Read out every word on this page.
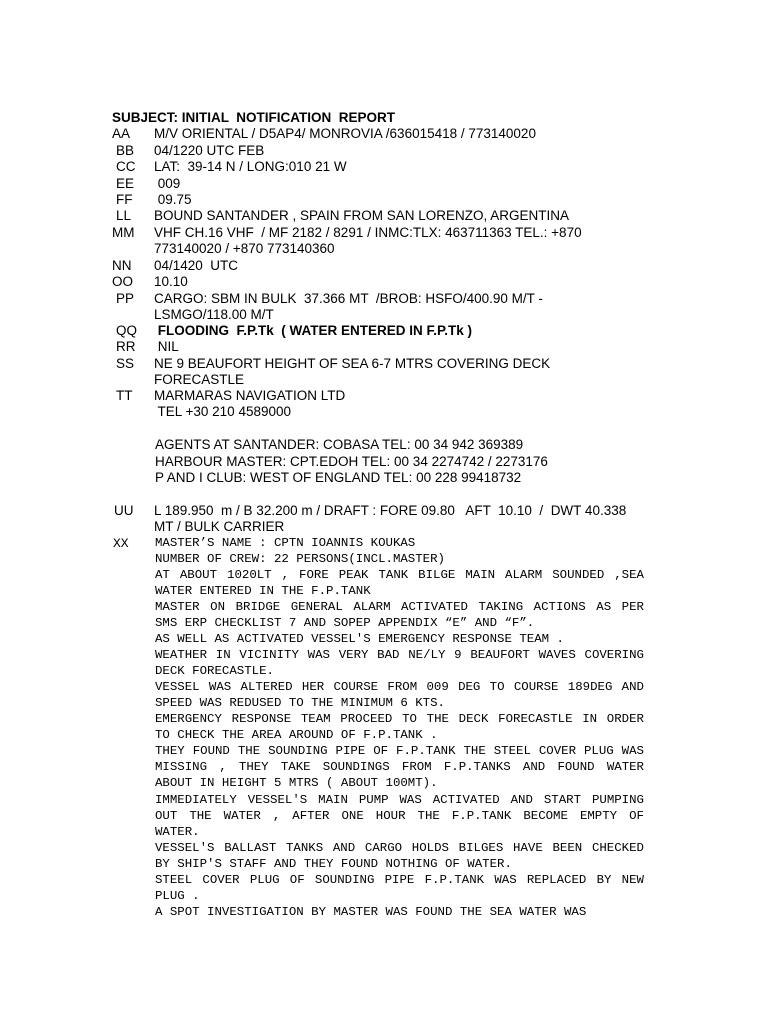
SUBJECT: INITIAL  NOTIFICATION  REPORT
AA M/V ORIENTAL / D5AP4/ MONROVIA /636015418 / 773140020
BB 04/1220 UTC FEB
CC LAT:  39-14 N / LONG:010 21 W
EE 009
FF 09.75
LL BOUND SANTANDER , SPAIN FROM SAN LORENZO, ARGENTINA
MM VHF CH.16 VHF  / MF 2182 / 8291 / INMC:TLX: 463711363 TEL.: +870
773140020 / +870 773140360
NN 04/1420  UTC
OO 10.10
PP CARGO: SBM IN BULK  37.366 MT  /BROB: HSFO/400.90 M/T -
LSMGO/118.00 M/T
QQ FLOODING  F.P.Tk  ( WATER ENTERED IN F.P.Tk )
RR NIL
SS NE 9 BEAUFORT HEIGHT OF SEA 6-7 MTRS COVERING DECK
FORECASTLE
TT MARMARAS NAVIGATION LTD
TEL +30 210 4589000
AGENTS AT SANTANDER: COBASA TEL: 00 34 942 369389
HARBOUR MASTER: CPT.EDOH TEL: 00 34 2274742 / 2273176
P AND I CLUB: WEST OF ENGLAND TEL: 00 228 99418732
UU L 189.950  m / B 32.200 m / DRAFT : FORE 09.80   AFT  10.10  /  DWT 40.338
MT / BULK CARRIER
XX MASTER’S NAME : CPTN IOANNIS KOUKAS
NUMBER OF CREW: 22 PERSONS(INCL.MASTER)
AT ABOUT 1020LT , FORE PEAK TANK BILGE MAIN ALARM SOUNDED ,SEA WATER ENTERED IN THE F.P.TANK
MASTER ON BRIDGE GENERAL ALARM ACTIVATED TAKING ACTIONS AS PER SMS ERP CHECKLIST 7 AND SOPEP APPENDIX “E” AND “F”.
AS WELL AS ACTIVATED VESSEL'S EMERGENCY RESPONSE TEAM .
WEATHER IN VICINITY WAS VERY BAD NE/LY 9 BEAUFORT WAVES COVERING DECK FORECASTLE.
VESSEL WAS ALTERED HER COURSE FROM 009 DEG TO COURSE 189DEG AND SPEED WAS REDUSED TO THE MINIMUM 6 KTS.
EMERGENCY RESPONSE TEAM PROCEED TO THE DECK FORECASTLE IN ORDER TO CHECK THE AREA AROUND OF F.P.TANK .
THEY FOUND THE SOUNDING PIPE OF F.P.TANK THE STEEL COVER PLUG WAS MISSING , THEY TAKE SOUNDINGS FROM F.P.TANKS AND FOUND WATER ABOUT IN HEIGHT 5 MTRS ( ABOUT 100MT).
IMMEDIATELY VESSEL'S MAIN PUMP WAS ACTIVATED AND START PUMPING OUT THE WATER , AFTER ONE HOUR THE F.P.TANK BECOME EMPTY OF WATER.
VESSEL'S BALLAST TANKS AND CARGO HOLDS BILGES HAVE BEEN CHECKED BY SHIP'S STAFF AND THEY FOUND NOTHING OF WATER.
STEEL COVER PLUG OF SOUNDING PIPE F.P.TANK WAS REPLACED BY NEW PLUG .
A SPOT INVESTIGATION BY MASTER WAS FOUND THE SEA WATER WAS
